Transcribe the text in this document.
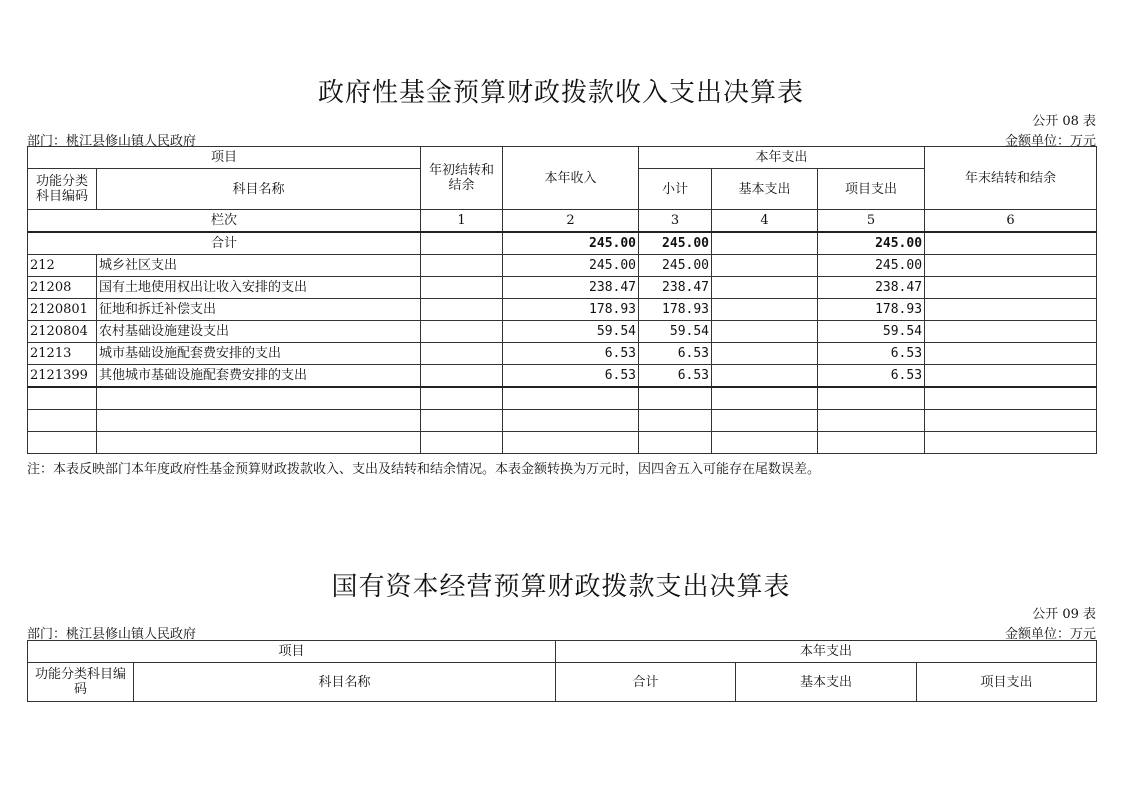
政府性基金预算财政拨款收入支出决算表
公开 08 表
部门：桃江县修山镇人民政府	金额单位：万元
项目		年初结转和结余	本年收入	本年支出			年末结转和结余
功能分类科目编码	科目名称			小计	基本支出	项目支出	
栏次		1	2	3	4	5	6
合计			245.00	245.00		245.00	
212	城乡社区支出		245.00	245.00		245.00	
21208	国有土地使用权出让收入安排的支出		238.47	238.47		238.47	
2120801	征地和拆迁补偿支出		178.93	178.93		178.93	
2120804	农村基础设施建设支出		59.54	59.54		59.54	
21213	城市基础设施配套费安排的支出		6.53	6.53		6.53	
2121399	其他城市基础设施配套费安排的支出		6.53	6.53		6.53	

注：本表反映部门本年度政府性基金预算财政拨款收入、支出及结转和结余情况。本表金额转换为万元时，因四舍五入可能存在尾数误差。
国有资本经营预算财政拨款支出决算表
公开 09 表
部门：桃江县修山镇人民政府	金额单位：万元
项目		本年支出		
功能分类科目编码	科目名称	合计	基本支出	项目支出
